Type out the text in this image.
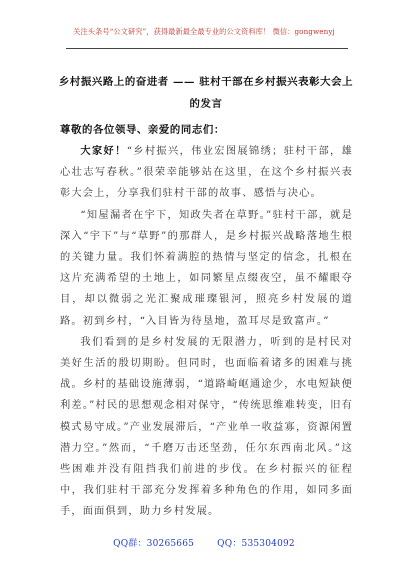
关注头条号“公文研究”，获得最新最全最专业的公文资料库！ 微信：gongwenyj
乡村振兴路上的奋进者 —— 驻村干部在乡村振兴表彰大会上的发言
尊敬的各位领导、亲爱的同志们：

大家好！“乡村振兴，伟业宏图展锦绣；驻村干部，雄心壮志写春秋。”很荣幸能够站在这里，在这个乡村振兴表彰大会上，分享我们驻村干部的故事、感悟与决心。

“知屋漏者在宇下，知政失者在草野。”驻村干部，就是深入“宇下”与“草野”的那群人，是乡村振兴战略落地生根的关键力量。我们怀着满腔的热情与坚定的信念，扎根在这片充满希望的土地上，如同繁星点缀夜空，虽不耀眼夺目，却以微弱之光汇聚成璀璨银河，照亮乡村发展的道路。初到乡村，“入目皆为待垦地，盈耳尽是致富声。”

我们看到的是乡村发展的无限潜力，听到的是村民对美好生活的殷切期盼。但同时，也面临着诸多的困难与挑战。乡村的基础设施薄弱，“道路崎岖通途少，水电短缺便利差。”村民的思想观念相对保守，“传统思维难转变，旧有模式易守成。”产业发展滞后，“产业单一收益寡，资源闲置潜力空。”然而，“千磨万击还坚劲，任尔东西南北风。”这些困难并没有阻挡我们前进的步伐。在乡村振兴的征程中，我们驻村干部充分发挥着多种角色的作用，如同多面手，面面俱到，助力乡村发展。

QQ群：30265665	QQ：535304092
